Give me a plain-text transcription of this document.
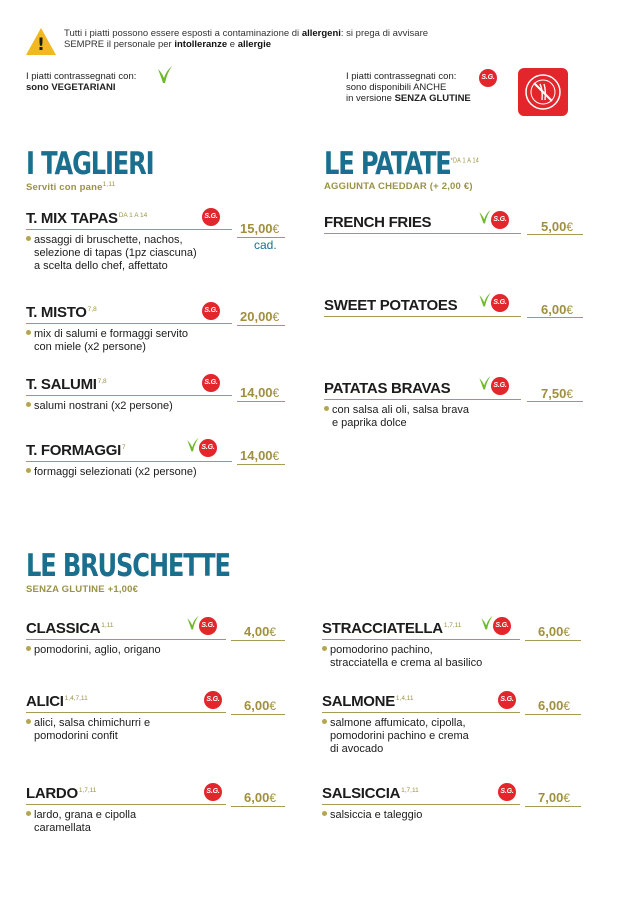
!
Tutti i piatti possono essere esposti a contaminazione di allergeni: si prega di avvisare
SEMPRE il personale per intolleranze e allergie
I piatti contrassegnati con:
sono VEGETARIANI
I piatti contrassegnati con:
sono disponibili ANCHE
in versione SENZA GLUTINE
S.G.
I TAGLIERI
Serviti con pane$^{1,11}$
T. MIX $TAPAS^{DA 1 A 14}$	S.G.
assaggi di bruschette, nachos,
selezione di tapas (1pz ciascuna)
a scelta dello chef, affettato
15,00€
cad.
T. MISTO$^{7,8}$	S.G.
mix di salumi e formaggi servito
con miele (x2 persone)
20,00€
T. SALUMI$^{7,8}$	S.G.
salumi nostrani (x2 persone)
14,00€
T. FORMAGGI$^7$	S.G.
formaggi selezionati (x2 persone)
14,00€
LE $PATATE^{*DA 1 A 14}$
AGGIUNTA CHEDDAR (+ 2,00 €)
FRENCH FRIES	S.G.	5,00€
SWEET POTATOES	S.G.	6,00€
PATATAS BRAVAS	S.G.
con salsa ali oli, salsa brava
e paprika dolce
7,50€
LE BRUSCHETTE
SENZA GLUTINE +1,00€
CLASSICA$^{1,11}$	S.G.
pomodorini, aglio, origano
4,00€
ALICI$^{1,4,7,11}$	S.G.
alici, salsa chimichurri e
pomodorini confit
6,00€
LARDO$^{1,7,11}$	S.G.
lardo, grana e cipolla
caramellata
6,00€
STRACCIATELLA$^{1,7,11}$	S.G.
pomodorino pachino,
stracciatella e crema al basilico
6,00€
SALMONE$^{1,4,11}$	S.G.
salmone affumicato, cipolla,
pomodorini pachino e crema
di avocado
6,00€
SALSICCIA$^{1,7,11}$	S.G.
salsiccia e taleggio
7,00€
